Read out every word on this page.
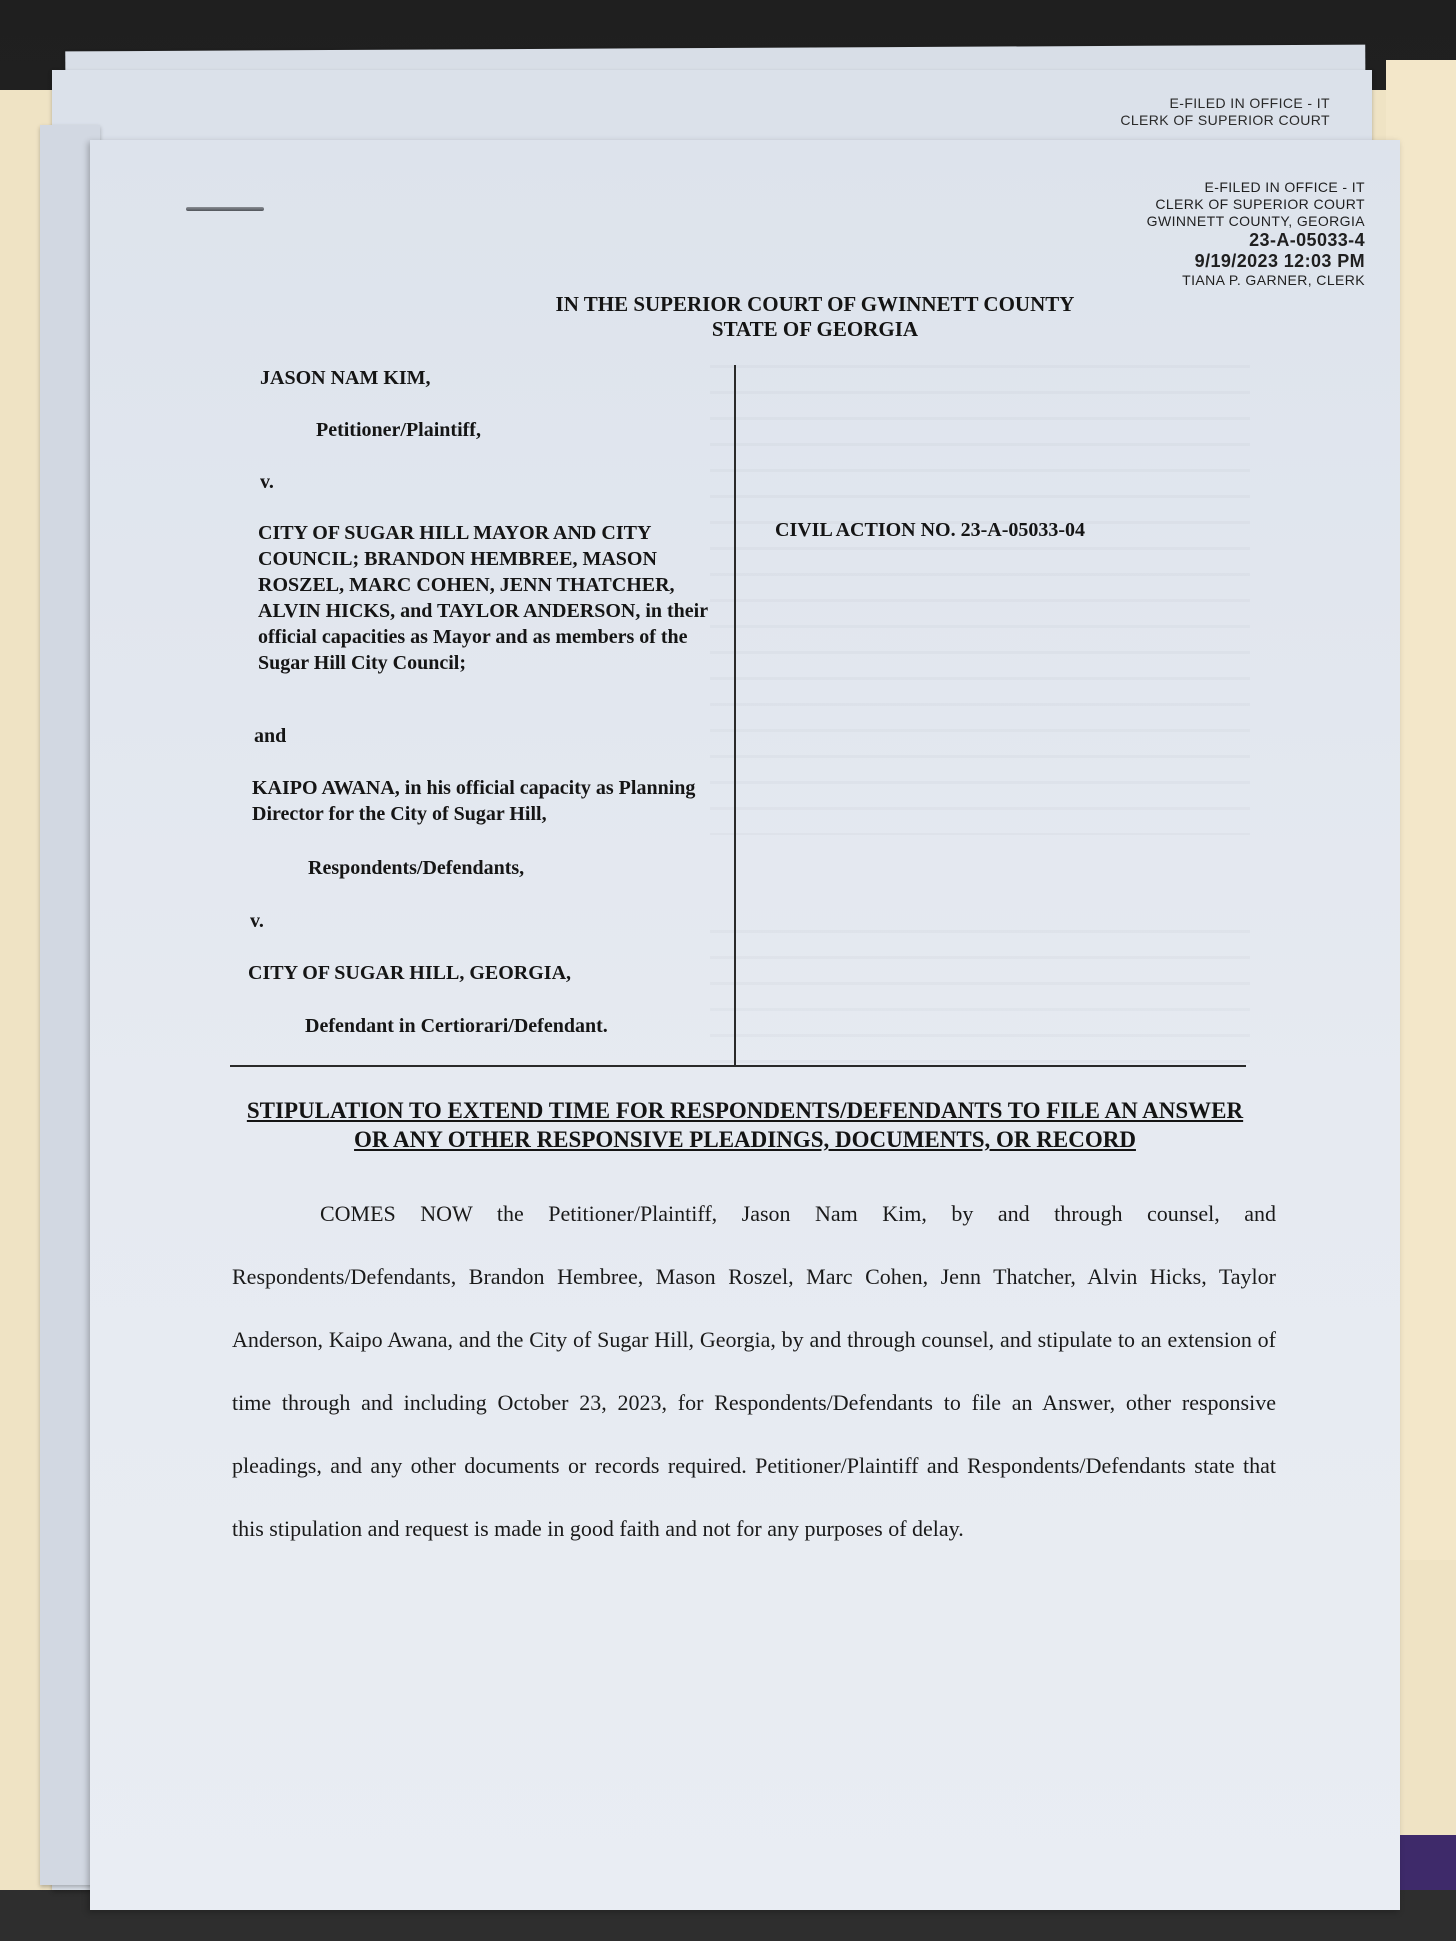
E-FILED IN OFFICE - IT
CLERK OF SUPERIOR COURT
E-FILED IN OFFICE - IT
CLERK OF SUPERIOR COURT
GWINNETT COUNTY, GEORGIA
23-A-05033-4
9/19/2023 12:03 PM
TIANA P. GARNER, CLERK
IN THE SUPERIOR COURT OF GWINNETT COUNTY
STATE OF GEORGIA
JASON NAM KIM,
Petitioner/Plaintiff,
v.
CITY OF SUGAR HILL MAYOR AND CITY COUNCIL; BRANDON HEMBREE, MASON ROSZEL, MARC COHEN, JENN THATCHER, ALVIN HICKS, and TAYLOR ANDERSON, in their official capacities as Mayor and as members of the Sugar Hill City Council;
and
KAIPO AWANA, in his official capacity as Planning Director for the City of Sugar Hill,
Respondents/Defendants,
v.
CITY OF SUGAR HILL, GEORGIA,
Defendant in Certiorari/Defendant.
CIVIL ACTION NO. 23-A-05033-04
STIPULATION TO EXTEND TIME FOR RESPONDENTS/DEFENDANTS TO FILE AN ANSWER OR ANY OTHER RESPONSIVE PLEADINGS, DOCUMENTS, OR RECORD
COMES NOW the Petitioner/Plaintiff, Jason Nam Kim, by and through counsel, and Respondents/Defendants, Brandon Hembree, Mason Roszel, Marc Cohen, Jenn Thatcher, Alvin Hicks, Taylor Anderson, Kaipo Awana, and the City of Sugar Hill, Georgia, by and through counsel, and stipulate to an extension of time through and including October 23, 2023, for Respondents/Defendants to file an Answer, other responsive pleadings, and any other documents or records required. Petitioner/Plaintiff and Respondents/Defendants state that this stipulation and request is made in good faith and not for any purposes of delay.
